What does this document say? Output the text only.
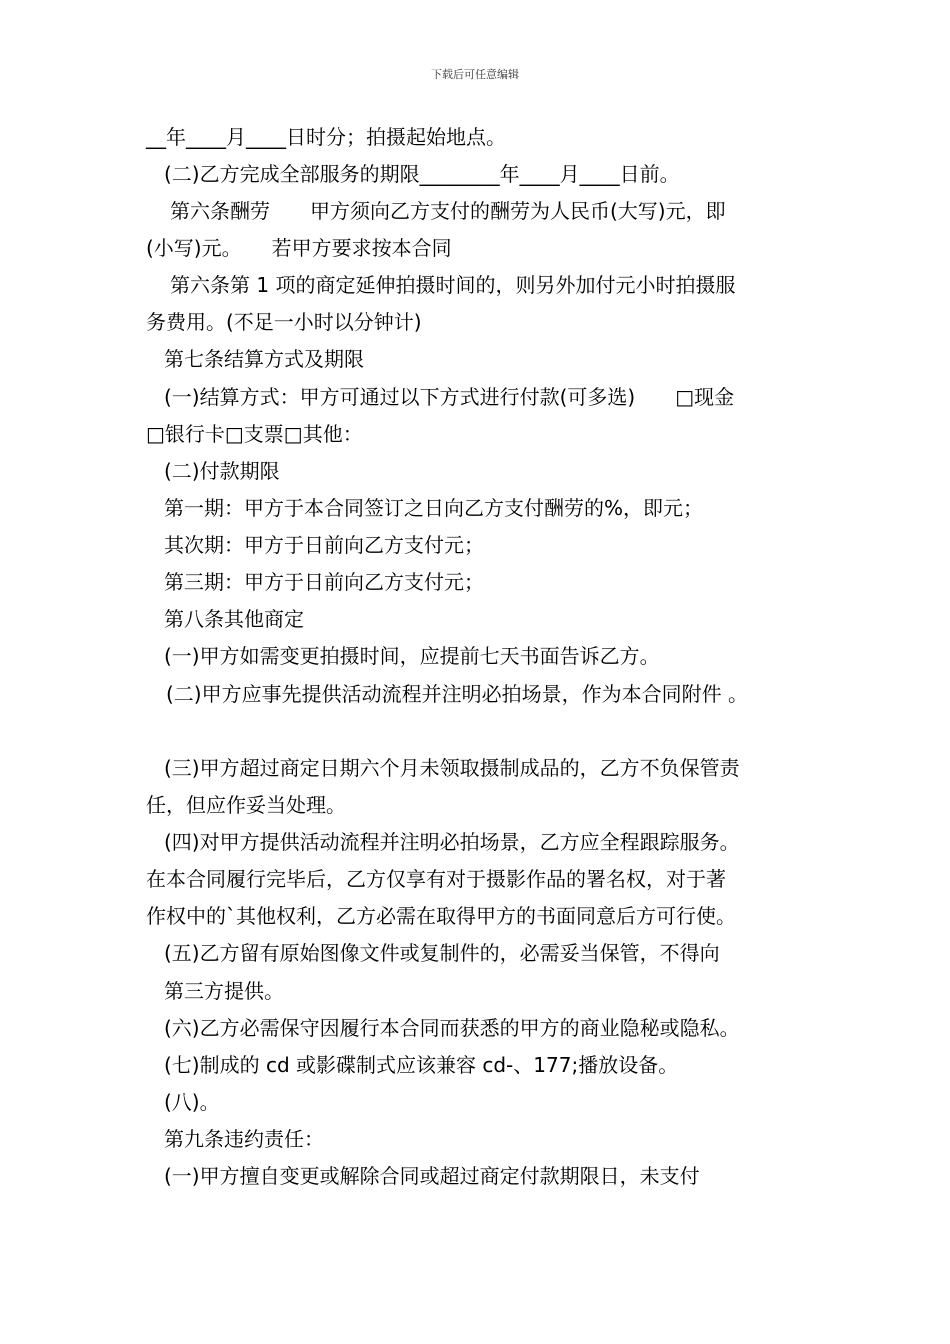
下载后可任意编辑
__年____月____日时分；拍摄起始地点。
(二)乙方完成全部服务的期限________年____月____日前。
第六条酬劳　　甲方须向乙方支付的酬劳为人民币(大写)元，即
(小写)元。　　若甲方要求按本合同
第六条第 1 项的商定延伸拍摄时间的，则另外加付元小时拍摄服
务费用。(不足一小时以分钟计)
第七条结算方式及期限
(一)结算方式：甲方可通过以下方式进行付款(可多选)　　□现金
□银行卡□支票□其他：
(二)付款期限
第一期：甲方于本合同签订之日向乙方支付酬劳的%，即元；
其次期：甲方于日前向乙方支付元；
第三期：甲方于日前向乙方支付元；
第八条其他商定
(一)甲方如需变更拍摄时间，应提前七天书面告诉乙方。
(二)甲方应事先提供活动流程并注明必拍场景，作为本合同附件 。
(三)甲方超过商定日期六个月未领取摄制成品的，乙方不负保管责
任，但应作妥当处理。
(四)对甲方提供活动流程并注明必拍场景，乙方应全程跟踪服务。
在本合同履行完毕后，乙方仅享有对于摄影作品的署名权，对于著
作权中的`其他权利，乙方必需在取得甲方的书面同意后方可行使。
(五)乙方留有原始图像文件或复制件的，必需妥当保管，不得向
第三方提供。
(六)乙方必需保守因履行本合同而获悉的甲方的商业隐秘或隐私。
(七)制成的 cd 或影碟制式应该兼容 cd-、177;播放设备。
(八)。
第九条违约责任：
(一)甲方擅自变更或解除合同或超过商定付款期限日，未支付
